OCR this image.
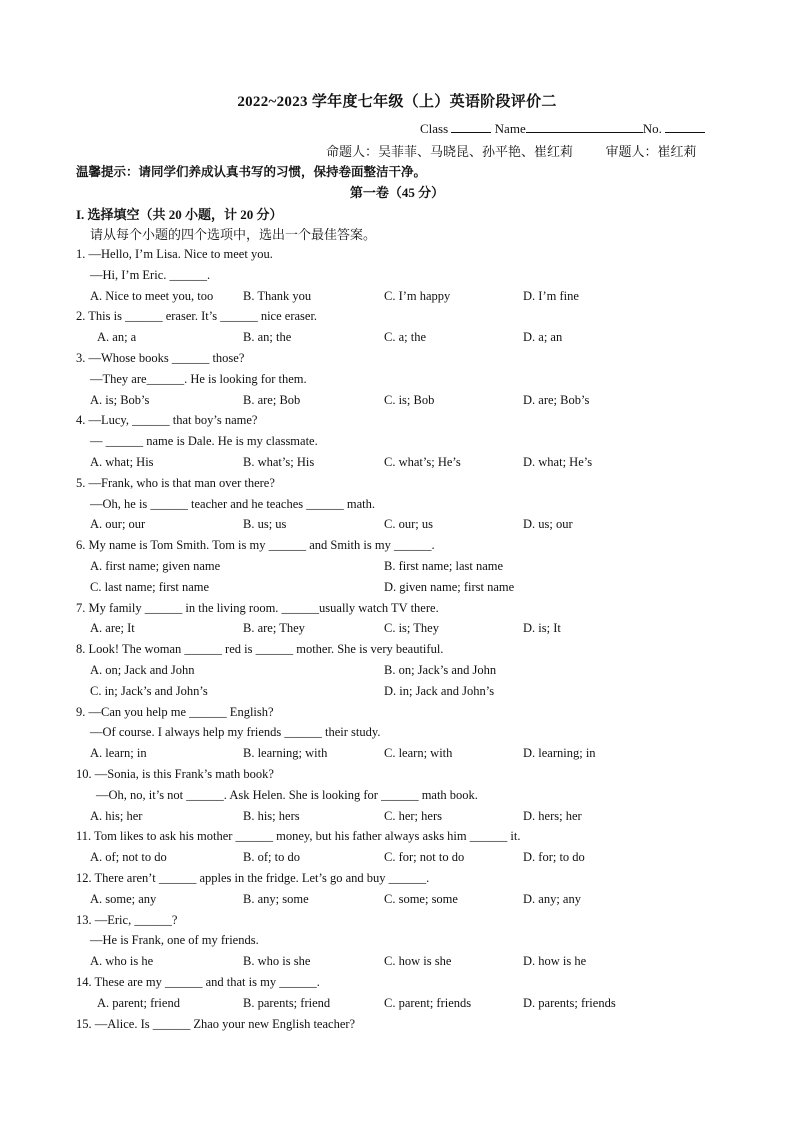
2022~2023 学年度七年级（上）英语阶段评价二
Class	Name	No.
命题人：吴菲菲、马晓昆、孙平艳、崔红莉	审题人：崔红莉
温馨提示：请同学们养成认真书写的习惯，保持卷面整洁干净。
第一卷（45 分）
I. 选择填空（共 20 小题，计 20 分）
请从每个小题的四个选项中，选出一个最佳答案。
1. —Hello, I’m Lisa. Nice to meet you.
—Hi, I’m Eric. ______.
A. Nice to meet you, too B. Thank you	C. I’m happy	D. I’m fine
2. This is ______ eraser. It’s ______ nice eraser.
A. an; a	B. an; the	C. a; the	D. a; an
3. —Whose books ______ those?
—They are______. He is looking for them.
A. is; Bob’s	B. are; Bob	C. is; Bob	D. are; Bob’s
4. —Lucy, ______ that boy’s name?
— ______ name is Dale. He is my classmate.
A. what; His	B. what’s; His	C. what’s; He’s	D. what; He’s
5. —Frank, who is that man over there?
—Oh, he is ______ teacher and he teaches ______ math.
A. our; our	B. us; us	C. our; us	D. us; our
6. My name is Tom Smith. Tom is my ______ and Smith is my ______.
A. first name; given name	B. first name; last name
C. last name; first name	D. given name; first name
7. My family ______ in the living room. ______usually watch TV there.
A. are; It	B. are; They	C. is; They	D. is; It
8. Look! The woman ______ red is ______ mother. She is very beautiful.
A. on; Jack and John	B. on; Jack’s and John
C. in; Jack’s and John’s	D. in; Jack and John’s
9. —Can you help me ______ English?
—Of course. I always help my friends ______ their study.
A. learn; in	B. learning; with	C. learn; with	D. learning; in
10. —Sonia, is this Frank’s math book?
—Oh, no, it’s not ______. Ask Helen. She is looking for ______ math book.
A. his; her	B. his; hers	C. her; hers	D. hers; her
11. Tom likes to ask his mother ______ money, but his father always asks him ______ it.
A. of; not to do	B. of; to do	C. for; not to do	D. for; to do
12. There aren’t ______ apples in the fridge. Let’s go and buy ______.
A. some; any	B. any; some	C. some; some	D. any; any
13. —Eric, ______?
—He is Frank, one of my friends.
A. who is he	B. who is she	C. how is she	D. how is he
14. These are my ______ and that is my ______.
A. parent; friend	B. parents; friend	C. parent; friends	D. parents; friends
15. —Alice. Is ______ Zhao your new English teacher?
